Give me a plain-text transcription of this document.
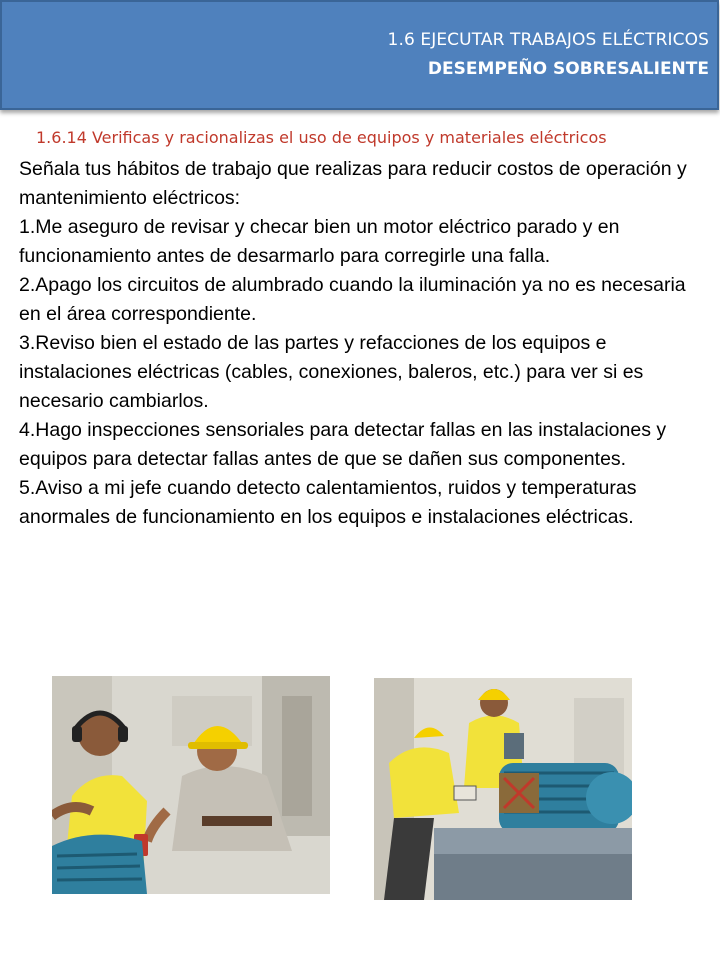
1.6 EJECUTAR TRABAJOS ELÉCTRICOS
DESEMPEÑO SOBRESALIENTE
1.6.14 Verificas y racionalizas el uso de equipos y materiales eléctricos

Señala tus hábitos de trabajo que realizas para reducir costos de operación y mantenimiento eléctricos:

1.Me aseguro de revisar y checar bien un motor eléctrico parado y en funcionamiento antes de desarmarlo para corregirle una falla.

2.Apago los circuitos de alumbrado cuando la iluminación ya no es necesaria en el área correspondiente.

3.Reviso bien el estado de las partes y refacciones de los equipos e instalaciones eléctricas (cables, conexiones, baleros, etc.) para ver si es necesario cambiarlos.

4.Hago inspecciones sensoriales para detectar fallas en las instalaciones y equipos para detectar fallas antes de que se dañen sus componentes.

5.Aviso a mi jefe cuando detecto calentamientos, ruidos y temperaturas anormales de funcionamiento en los equipos e instalaciones eléctricas.
